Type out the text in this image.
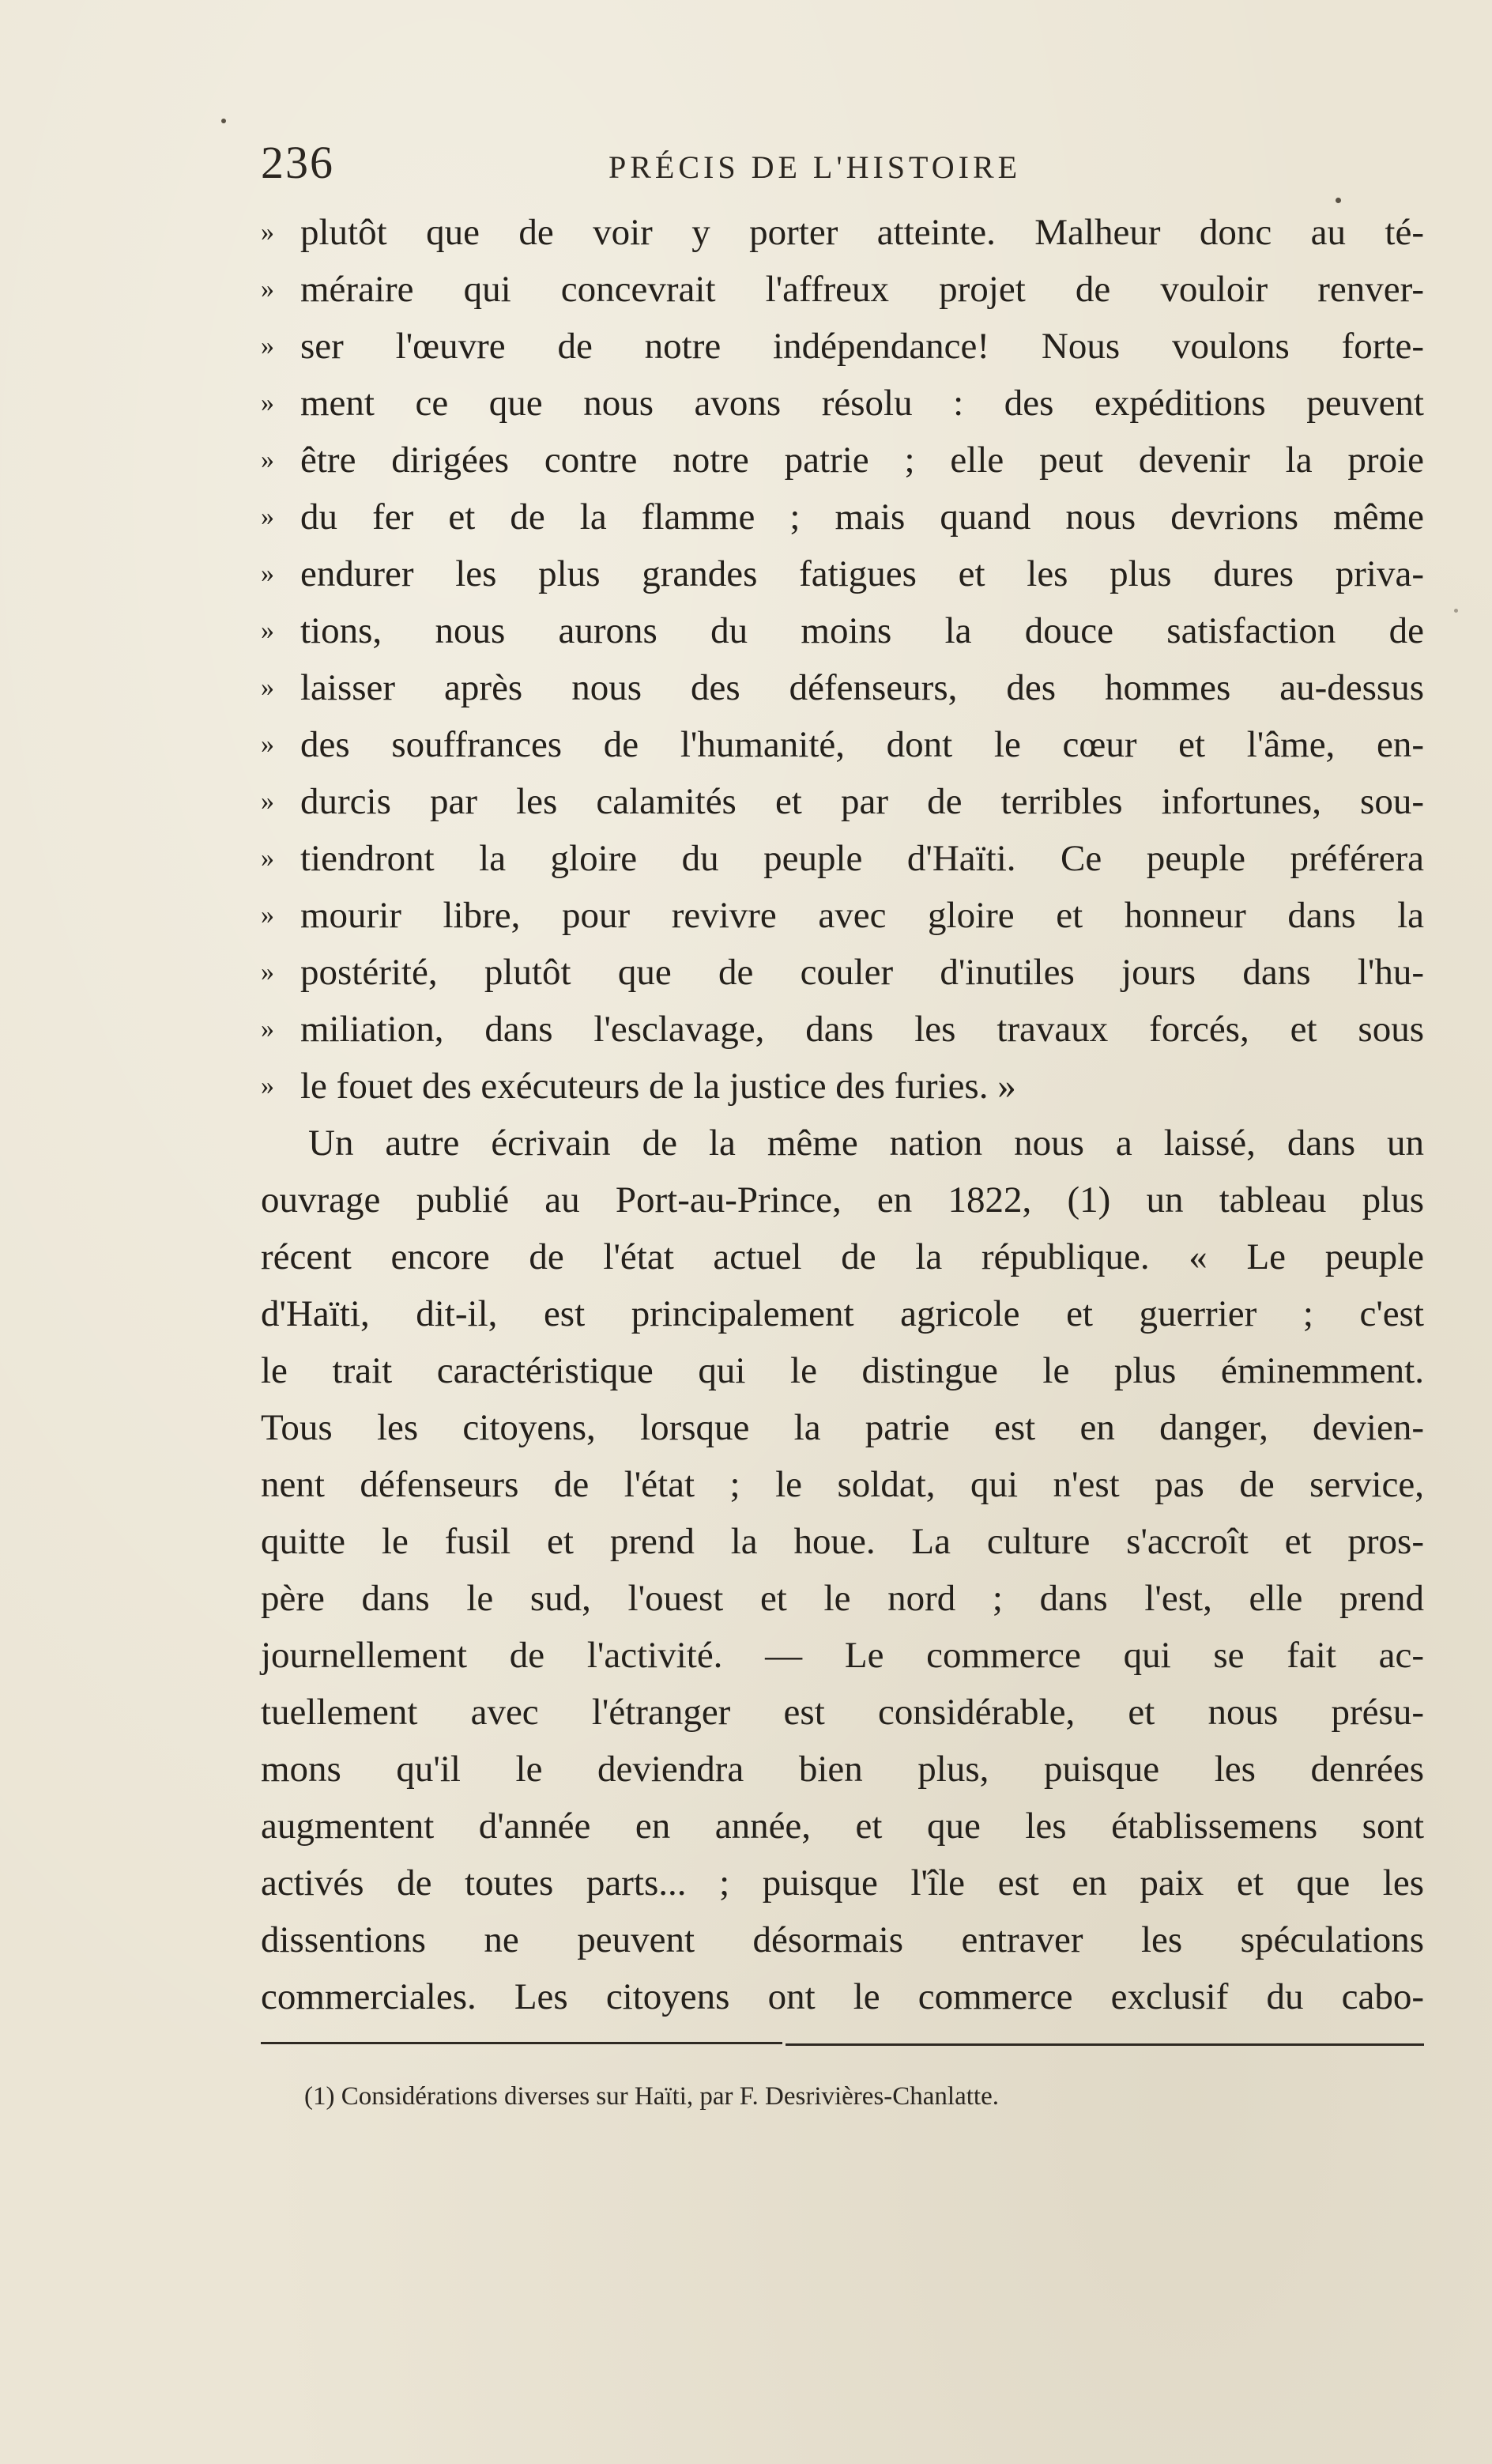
236	PRÉCIS DE L'HISTOIRE
» plutôt que de voir y porter atteinte. Malheur donc au té-
» méraire qui concevrait l'affreux projet de vouloir renver-
» ser l'œuvre de notre indépendance! Nous voulons forte-
» ment ce que nous avons résolu : des expéditions peuvent
» être dirigées contre notre patrie ; elle peut devenir la proie
» du fer et de la flamme ; mais quand nous devrions même
» endurer les plus grandes fatigues et les plus dures priva-
» tions, nous aurons du moins la douce satisfaction de
» laisser après nous des défenseurs, des hommes au-dessus
» des souffrances de l'humanité, dont le cœur et l'âme, en-
» durcis par les calamités et par de terribles infortunes, sou-
» tiendront la gloire du peuple d'Haïti. Ce peuple préférera
» mourir libre, pour revivre avec gloire et honneur dans la
» postérité, plutôt que de couler d'inutiles jours dans l'hu-
» miliation, dans l'esclavage, dans les travaux forcés, et sous
» le fouet des exécuteurs de la justice des furies. »
Un autre écrivain de la même nation nous a laissé, dans un
ouvrage publié au Port-au-Prince, en 1822, (1) un tableau plus
récent encore de l'état actuel de la république. « Le peuple
d'Haïti, dit-il, est principalement agricole et guerrier ; c'est
le trait caractéristique qui le distingue le plus éminemment.
Tous les citoyens, lorsque la patrie est en danger, devien-
nent défenseurs de l'état ; le soldat, qui n'est pas de service,
quitte le fusil et prend la houe. La culture s'accroît et pros-
père dans le sud, l'ouest et le nord ; dans l'est, elle prend
journellement de l'activité. — Le commerce qui se fait ac-
tuellement avec l'étranger est considérable, et nous présu-
mons qu'il le deviendra bien plus, puisque les denrées
augmentent d'année en année, et que les établissemens sont
activés de toutes parts... ; puisque l'île est en paix et que les
dissentions ne peuvent désormais entraver les spéculations
commerciales. Les citoyens ont le commerce exclusif du cabo-
(1) Considérations diverses sur Haïti, par F. Desrivières-Chanlatte.
